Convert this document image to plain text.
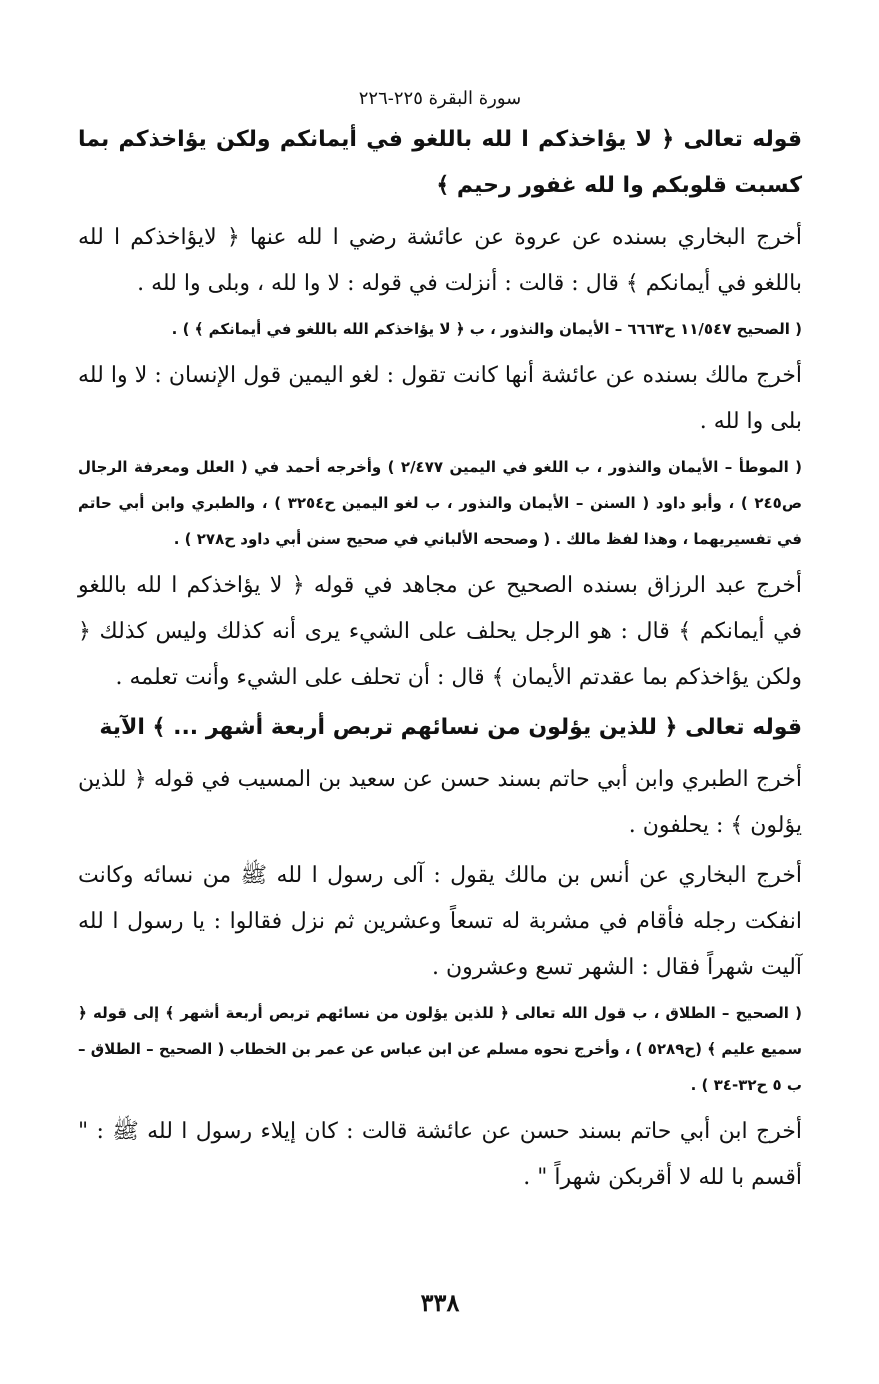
سورة البقرة ٢٢٥-٢٢٦
قوله تعالى ﴿ لا يؤاخذكم ا لله باللغو في أيمانكم ولكن يؤاخذكم بما كسبت قلوبكم وا لله غفور رحيم ﴾
أخرج البخاري بسنده عن عروة عن عائشة رضي ا لله عنها ﴿ لايؤاخذكم ا لله باللغو في أيمانكم ﴾ قال : قالت : أنزلت في قوله : لا وا لله ، وبلى وا لله .
( الصحيح ١١/٥٤٧ ح٦٦٦٣ – الأيمان والنذور ، ب ﴿ لا يؤاخذكم الله باللغو في أيمانكم ﴾ ) .
أخرج مالك بسنده عن عائشة أنها كانت تقول : لغو اليمين قول الإنسان : لا وا لله بلى وا لله .
( الموطأ – الأيمان والنذور ، ب اللغو في اليمين ٢/٤٧٧ ) وأخرجه أحمد في ( العلل ومعرفة الرجال ص٢٤٥ ) ، وأبو داود ( السنن – الأيمان والنذور ، ب لغو اليمين ح٣٢٥٤ ) ، والطبري وابن أبي حاتم في تفسيريهما ، وهذا لفظ مالك . ( وصححه الألباني في صحيح سنن أبي داود ح٢٧٨ ) .
أخرج عبد الرزاق بسنده الصحيح عن مجاهد في قوله ﴿ لا يؤاخذكم ا لله باللغو في أيمانكم ﴾ قال : هو الرجل يحلف على الشيء يرى أنه كذلك وليس كذلك ﴿ ولكن يؤاخذكم بما عقدتم الأيمان ﴾ قال : أن تحلف على الشيء وأنت تعلمه .
قوله تعالى ﴿ للذين يؤلون من نسائهم تربص أربعة أشهر ... ﴾ الآية
أخرج الطبري وابن أبي حاتم بسند حسن عن سعيد بن المسيب في قوله ﴿ للذين يؤلون ﴾ : يحلفون .
أخرج البخاري عن أنس بن مالك يقول : آلى رسول ا لله ﷺ من نسائه وكانت انفكت رجله فأقام في مشربة له تسعاً وعشرين ثم نزل فقالوا : يا رسول ا لله آليت شهراً فقال : الشهر تسع وعشرون .
( الصحيح – الطلاق ، ب قول الله تعالى ﴿ للذين يؤلون من نسائهم تربص أربعة أشهر ﴾ إلى قوله ﴿ سميع عليم ﴾ (ح٥٢٨٩ ) ، وأخرج نحوه مسلم عن ابن عباس عن عمر بن الخطاب ( الصحيح – الطلاق – ب ٥ ح٣٢-٣٤ ) .
أخرج ابن أبي حاتم بسند حسن عن عائشة قالت : كان إيلاء رسول ا لله ﷺ : " أقسم با لله لا أقربكن شهراً " .
٣٣٨
